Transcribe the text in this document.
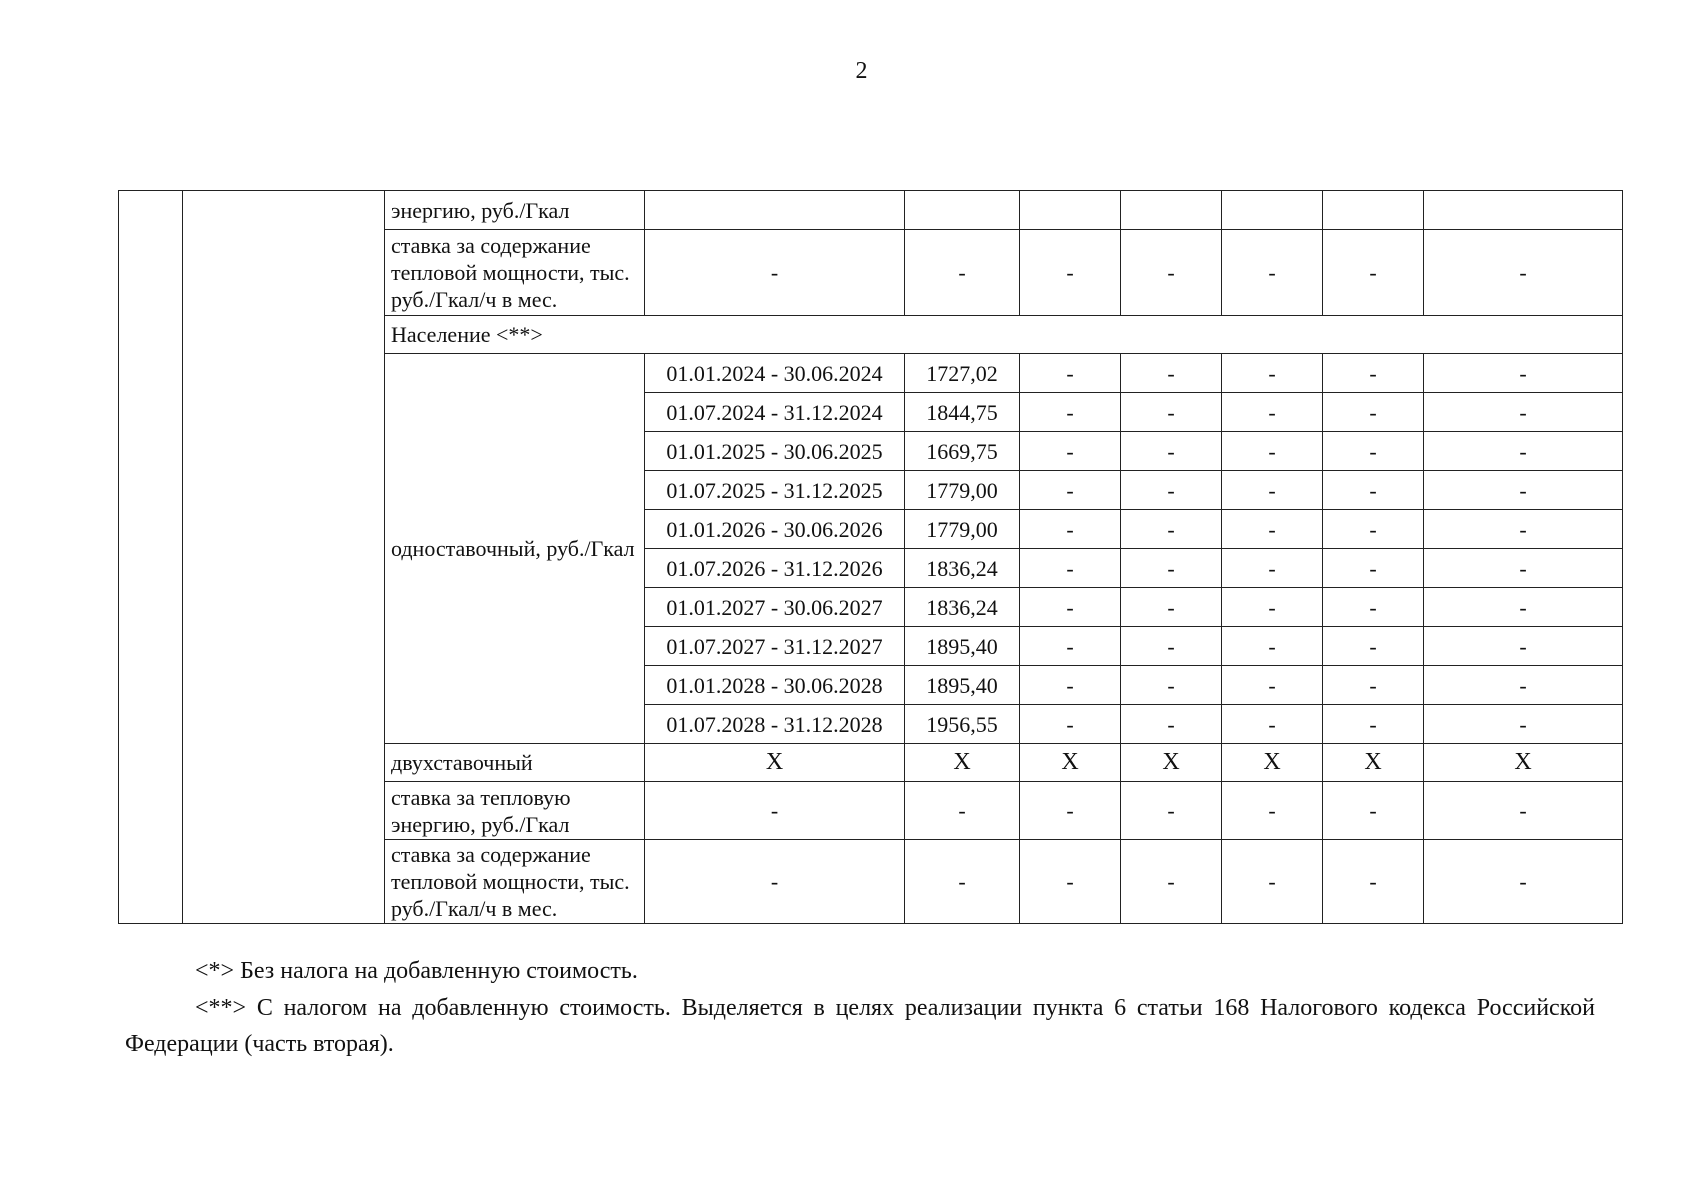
2
		энергию, руб./Гкал							
		ставка за содержание тепловой мощности, тыс. руб./Гкал/ч в мес.	-	-	-	-	-	-	-
		Население <**>							
		одноставочный, руб./Гкал	01.01.2024 - 30.06.2024	1727,02	-	-	-	-	-
			01.07.2024 - 31.12.2024	1844,75	-	-	-	-	-
			01.01.2025 - 30.06.2025	1669,75	-	-	-	-	-
			01.07.2025 - 31.12.2025	1779,00	-	-	-	-	-
			01.01.2026 - 30.06.2026	1779,00	-	-	-	-	-
			01.07.2026 - 31.12.2026	1836,24	-	-	-	-	-
			01.01.2027 - 30.06.2027	1836,24	-	-	-	-	-
			01.07.2027 - 31.12.2027	1895,40	-	-	-	-	-
			01.01.2028 - 30.06.2028	1895,40	-	-	-	-	-
			01.07.2028 - 31.12.2028	1956,55	-	-	-	-	-
		двухставочный	X	X	X	X	X	X	X
		ставка за тепловую энергию, руб./Гкал	-	-	-	-	-	-	-
		ставка за содержание тепловой мощности, тыс. руб./Гкал/ч в мес.	-	-	-	-	-	-	-
<*> Без налога на добавленную стоимость.
<**> С налогом на добавленную стоимость. Выделяется в целях реализации пункта 6 статьи 168 Налогового кодекса Российской Федерации (часть вторая).
